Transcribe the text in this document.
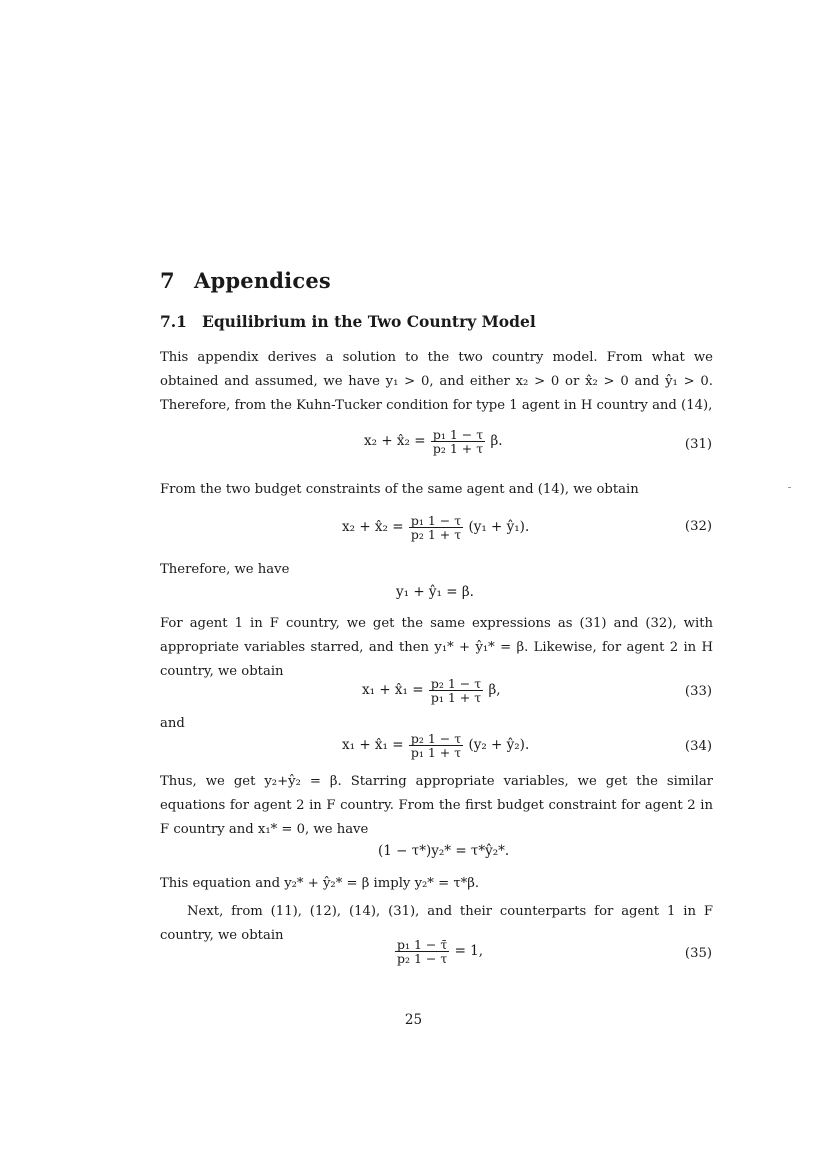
7 Appendices
7.1 Equilibrium in the Two Country Model

This appendix derives a solution to the two country model. From what we obtained and assumed, we have y₁ > 0, and either x₂ > 0 or x̂₂ > 0 and ŷ₁ > 0. Therefore, from the Kuhn-Tucker condition for type 1 agent in H country and (14),

x₂ + x̂₂ = $\frac{\text{p₁ 1 − τ}}{\text{p₂ 1 + τ}} \beta$.	(31)

From the two budget constraints of the same agent and (14), we obtain

x₂ + x̂₂ = $\frac{\text{p₁ 1 − τ}}{\text{p₂ 1 + τ}} (y_1$ + ŷ₁).	(32)

Therefore, we have

y₁ + ŷ₁ = β.

For agent 1 in F country, we get the same expressions as (31) and (32), with appropriate variables starred, and then y₁* + ŷ₁* = β. Likewise, for agent 2 in H country, we obtain

x₁ + x̂₁ = $\frac{\text{p₂ 1 − τ}}{\text{p₁ 1 + τ}} \beta$,	(33)

and

x₁ + x̂₁ = $\frac{\text{p₂ 1 − τ}}{\text{p₁ 1 + τ}} (y_2$ + ŷ₂).	(34)

Thus, we get y₂+ŷ₂ = β. Starring appropriate variables, we get the similar equations for agent 2 in F country. From the first budget constraint for agent 2 in F country and x₁* = 0, we have

(1 − τ*)y₂* = τ*ŷ₂*.

This equation and y₂* + ŷ₂* = β imply y₂* = τ*β.

Next, from (11), (12), (14), (31), and their counterparts for agent 1 in F country, we obtain

$\frac{\text{p₁ 1 − τ̄}}{\text{p₂ 1 − τ}} = 1$,	(35)
25
